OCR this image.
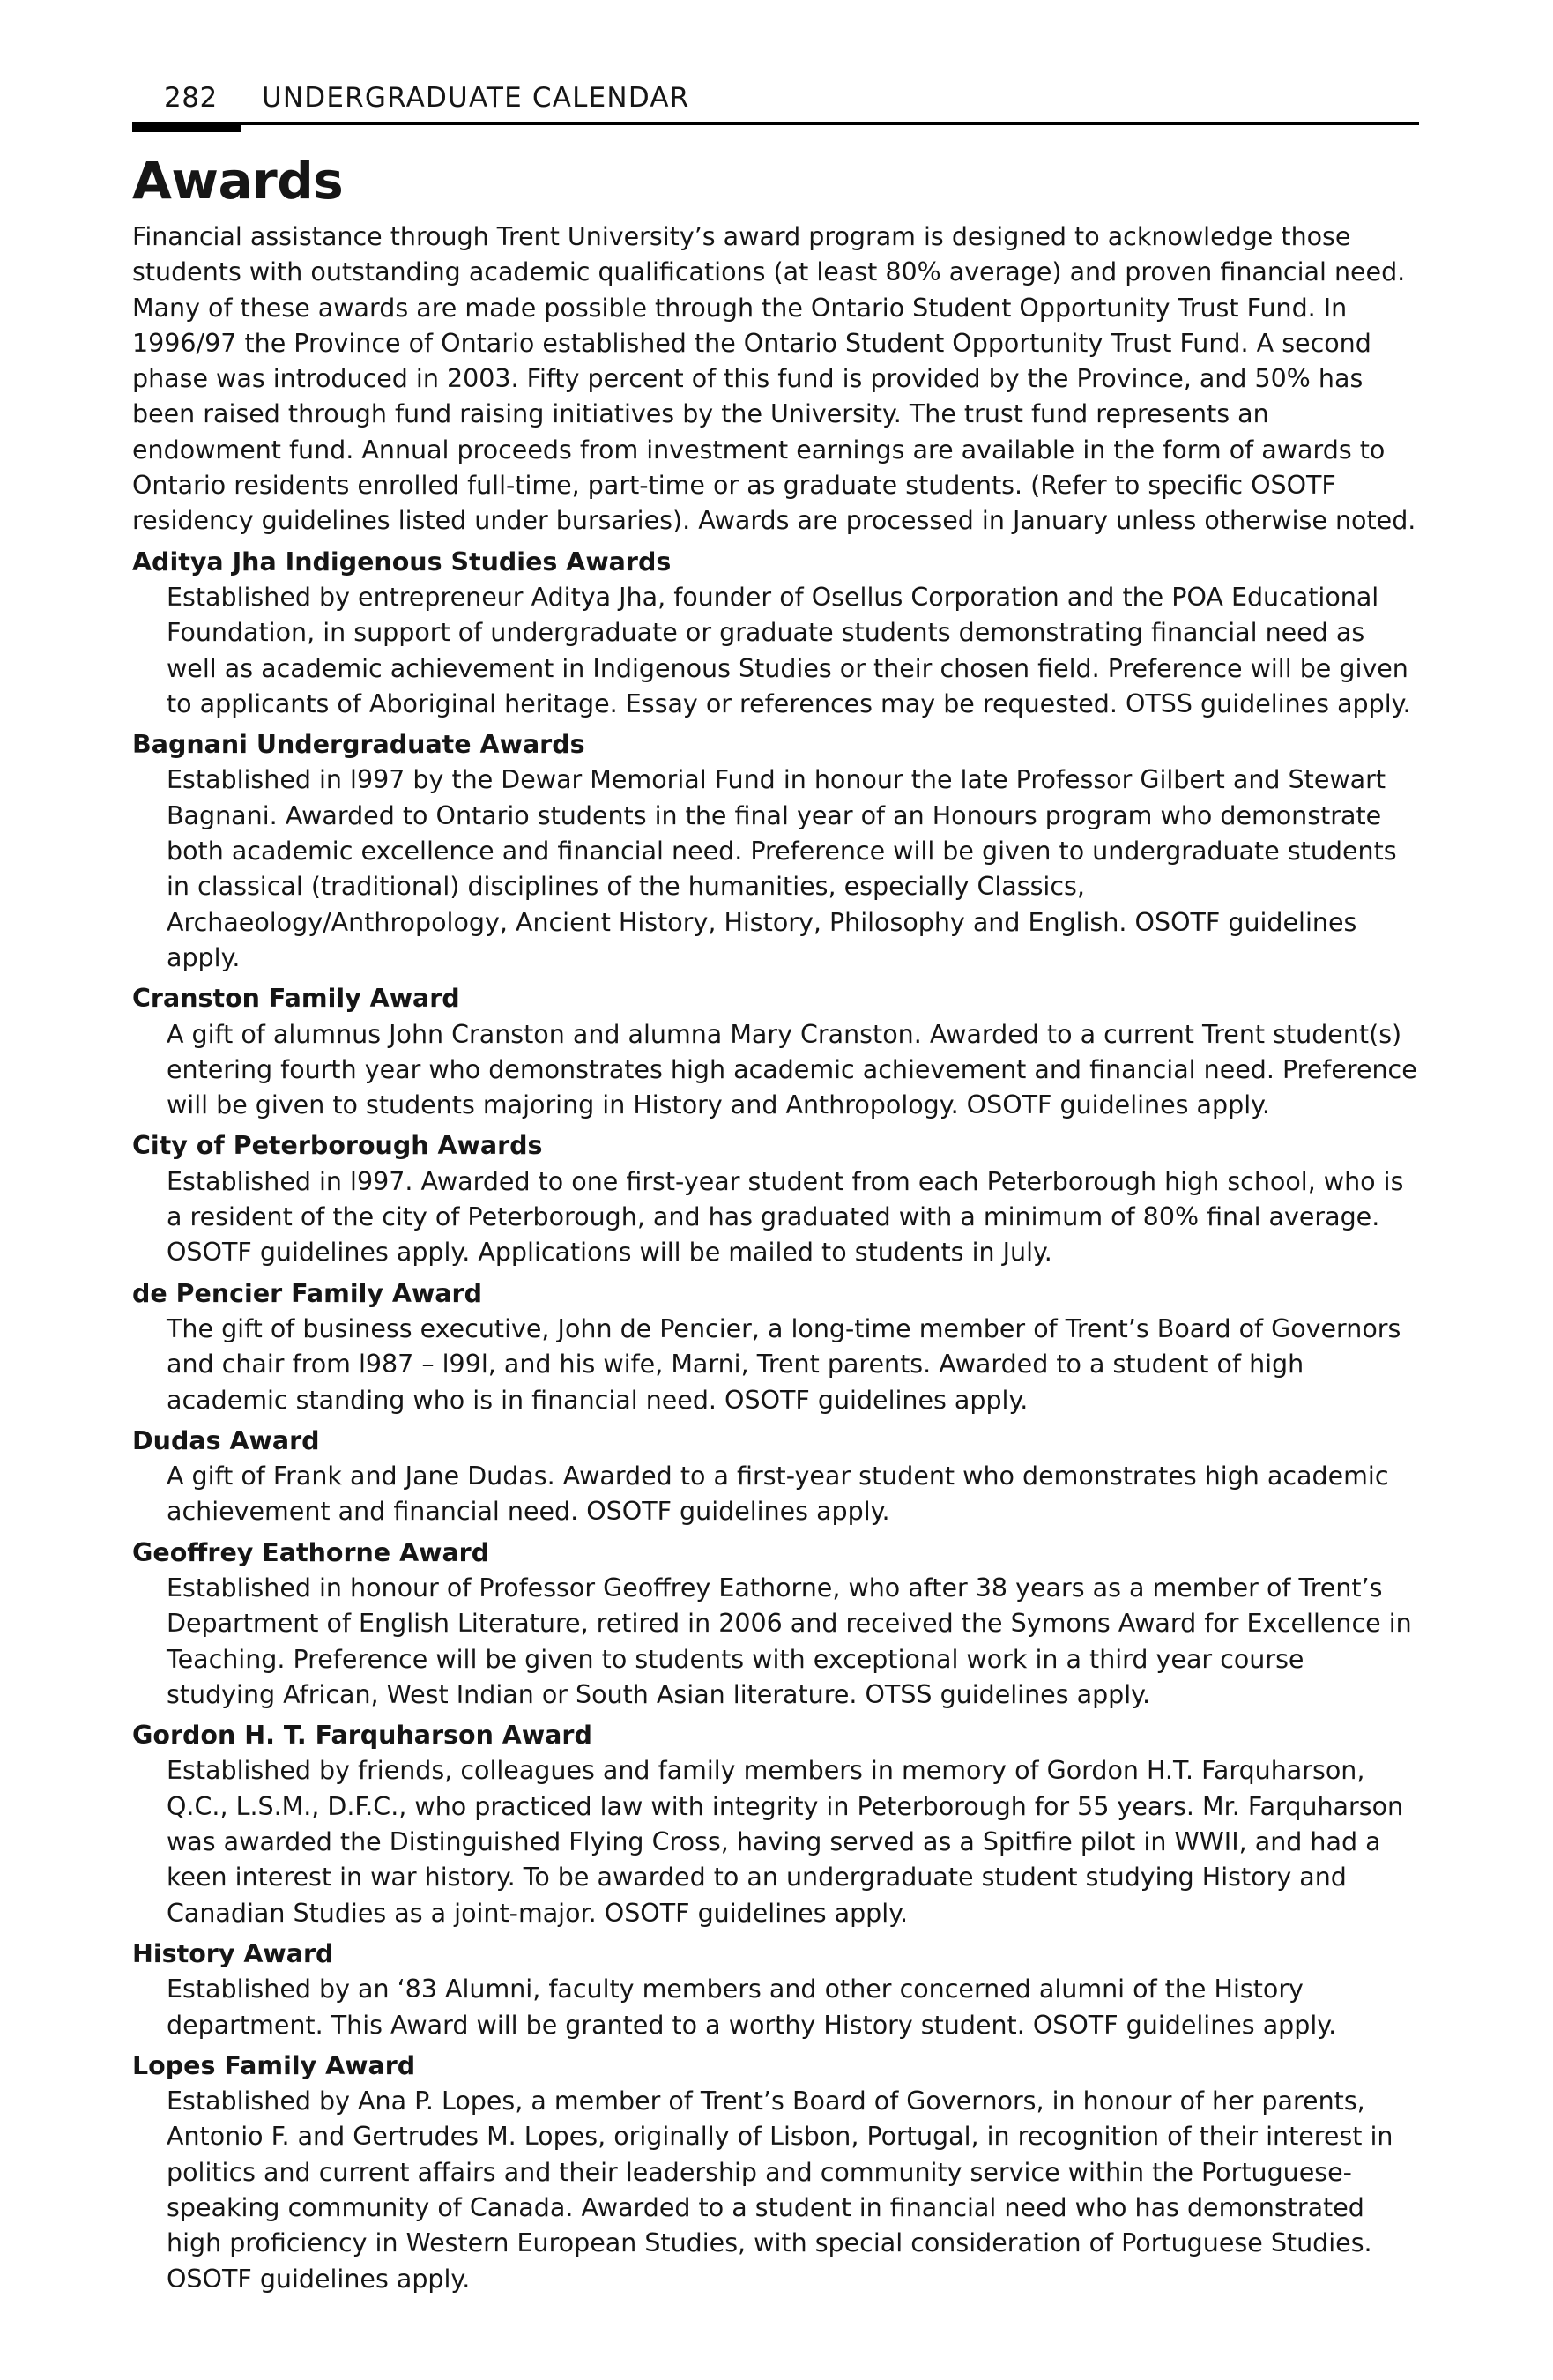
282 UNDERGRADUATE CALENDAR
Awards

Financial assistance through Trent University’s award program is designed to acknowledge those students with outstanding academic qualifications (at least 80% average) and proven financial need. Many of these awards are made possible through the Ontario Student Opportunity Trust Fund. In 1996/97 the Province of Ontario established the Ontario Student Opportunity Trust Fund. A second phase was introduced in 2003. Fifty percent of this fund is provided by the Province, and 50% has been raised through fund raising initiatives by the University. The trust fund represents an endowment fund. Annual proceeds from investment earnings are available in the form of awards to Ontario residents enrolled full-time, part-time or as graduate students. (Refer to specific OSOTF residency guidelines listed under bursaries). Awards are processed in January unless otherwise noted.

Aditya Jha Indigenous Studies Awards

Established by entrepreneur Aditya Jha, founder of Osellus Corporation and the POA Educational Foundation, in support of undergraduate or graduate students demonstrating financial need as well as academic achievement in Indigenous Studies or their chosen field. Preference will be given to applicants of Aboriginal heritage. Essay or references may be requested. OTSS guidelines apply.

Bagnani Undergraduate Awards

Established in l997 by the Dewar Memorial Fund in honour the late Professor Gilbert and Stewart Bagnani. Awarded to Ontario students in the final year of an Honours program who demonstrate both academic excellence and financial need. Preference will be given to undergraduate students in classical (traditional) disciplines of the humanities, especially Classics, Archaeology/Anthropology, Ancient History, History, Philosophy and English. OSOTF guidelines apply.

Cranston Family Award

A gift of alumnus John Cranston and alumna Mary Cranston. Awarded to a current Trent student(s) entering fourth year who demonstrates high academic achievement and financial need. Preference will be given to students majoring in History and Anthropology. OSOTF guidelines apply.

City of Peterborough Awards

Established in l997. Awarded to one first-year student from each Peterborough high school, who is a resident of the city of Peterborough, and has graduated with a minimum of 80% final average. OSOTF guidelines apply. Applications will be mailed to students in July.

de Pencier Family Award

The gift of business executive, John de Pencier, a long-time member of Trent’s Board of Governors and chair from l987 – l99l, and his wife, Marni, Trent parents. Awarded to a student of high academic standing who is in financial need. OSOTF guidelines apply.

Dudas Award

A gift of Frank and Jane Dudas. Awarded to a first-year student who demonstrates high academic achievement and financial need. OSOTF guidelines apply.

Geoffrey Eathorne Award

Established in honour of Professor Geoffrey Eathorne, who after 38 years as a member of Trent’s Department of English Literature, retired in 2006 and received the Symons Award for Excellence in Teaching. Preference will be given to students with exceptional work in a third year course studying African, West Indian or South Asian literature. OTSS guidelines apply.

Gordon H. T. Farquharson Award

Established by friends, colleagues and family members in memory of Gordon H.T. Farquharson, Q.C., L.S.M., D.F.C., who practiced law with integrity in Peterborough for 55 years. Mr. Farquharson was awarded the Distinguished Flying Cross, having served as a Spitfire pilot in WWII, and had a keen interest in war history. To be awarded to an undergraduate student studying History and Canadian Studies as a joint-major. OSOTF guidelines apply.

History Award

Established by an ‘83 Alumni, faculty members and other concerned alumni of the History department. This Award will be granted to a worthy History student. OSOTF guidelines apply.

Lopes Family Award

Established by Ana P. Lopes, a member of Trent’s Board of Governors, in honour of her parents, Antonio F. and Gertrudes M. Lopes, originally of Lisbon, Portugal, in recognition of their interest in politics and current affairs and their leadership and community service within the Portuguese-speaking community of Canada. Awarded to a student in financial need who has demonstrated high proficiency in Western European Studies, with special consideration of Portuguese Studies. OSOTF guidelines apply.
